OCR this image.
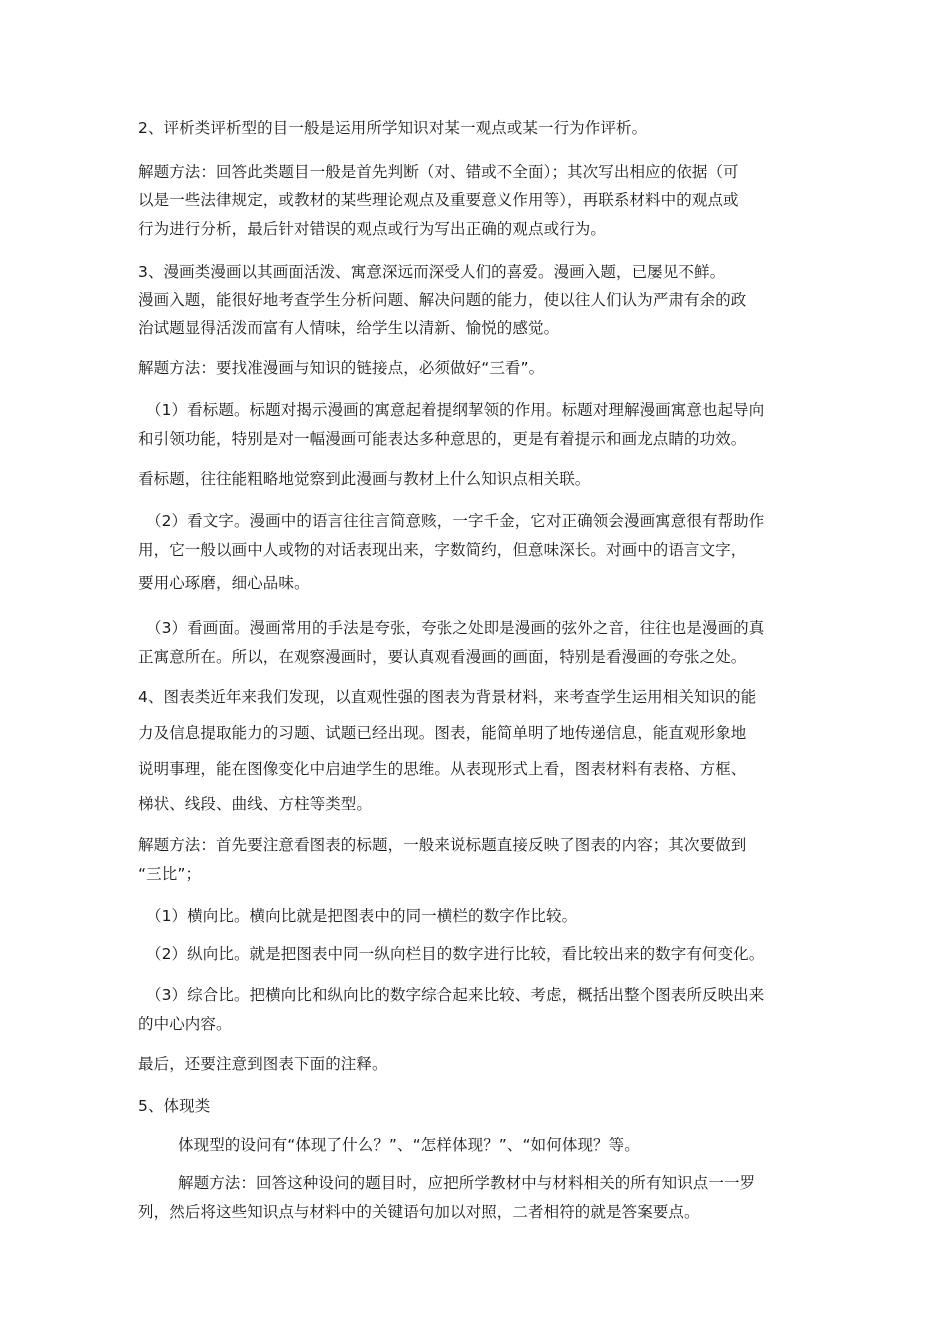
2、评析类评析型的目一般是运用所学知识对某一观点或某一行为作评析。
解题方法：回答此类题目一般是首先判断（对、错或不全面）；其次写出相应的依据（可
以是一些法律规定，或教材的某些理论观点及重要意义作用等），再联系材料中的观点或
行为进行分析，最后针对错误的观点或行为写出正确的观点或行为。
3、漫画类漫画以其画面活泼、寓意深远而深受人们的喜爱。漫画入题，已屡见不鲜。
漫画入题，能很好地考查学生分析问题、解决问题的能力，使以往人们认为严肃有余的政
治试题显得活泼而富有人情味，给学生以清新、愉悦的感觉。
解题方法：要找准漫画与知识的链接点，必须做好“三看”。
（1）看标题。标题对揭示漫画的寓意起着提纲挈领的作用。标题对理解漫画寓意也起导向
和引领功能，特别是对一幅漫画可能表达多种意思的，更是有着提示和画龙点睛的功效。
看标题，往往能粗略地觉察到此漫画与教材上什么知识点相关联。
（2）看文字。漫画中的语言往往言简意赅，一字千金，它对正确领会漫画寓意很有帮助作
用，它一般以画中人或物的对话表现出来，字数简约，但意味深长。对画中的语言文字，
要用心琢磨，细心品味。
（3）看画面。漫画常用的手法是夸张，夸张之处即是漫画的弦外之音，往往也是漫画的真
正寓意所在。所以，在观察漫画时，要认真观看漫画的画面，特别是看漫画的夸张之处。
4、图表类近年来我们发现，以直观性强的图表为背景材料，来考查学生运用相关知识的能
力及信息提取能力的习题、试题已经出现。图表，能简单明了地传递信息，能直观形象地
说明事理，能在图像变化中启迪学生的思维。从表现形式上看，图表材料有表格、方框、
梯状、线段、曲线、方柱等类型。
解题方法：首先要注意看图表的标题，一般来说标题直接反映了图表的内容；其次要做到
“三比”；
（1）横向比。横向比就是把图表中的同一横栏的数字作比较。
（2）纵向比。就是把图表中同一纵向栏目的数字进行比较，看比较出来的数字有何变化。
（3）综合比。把横向比和纵向比的数字综合起来比较、考虑，概括出整个图表所反映出来
的中心内容。
最后，还要注意到图表下面的注释。
5、体现类
体现型的设问有“体现了什么？”、“怎样体现？”、“如何体现？等。
解题方法：回答这种设问的题目时，应把所学教材中与材料相关的所有知识点一一罗
列，然后将这些知识点与材料中的关键语句加以对照，二者相符的就是答案要点。
